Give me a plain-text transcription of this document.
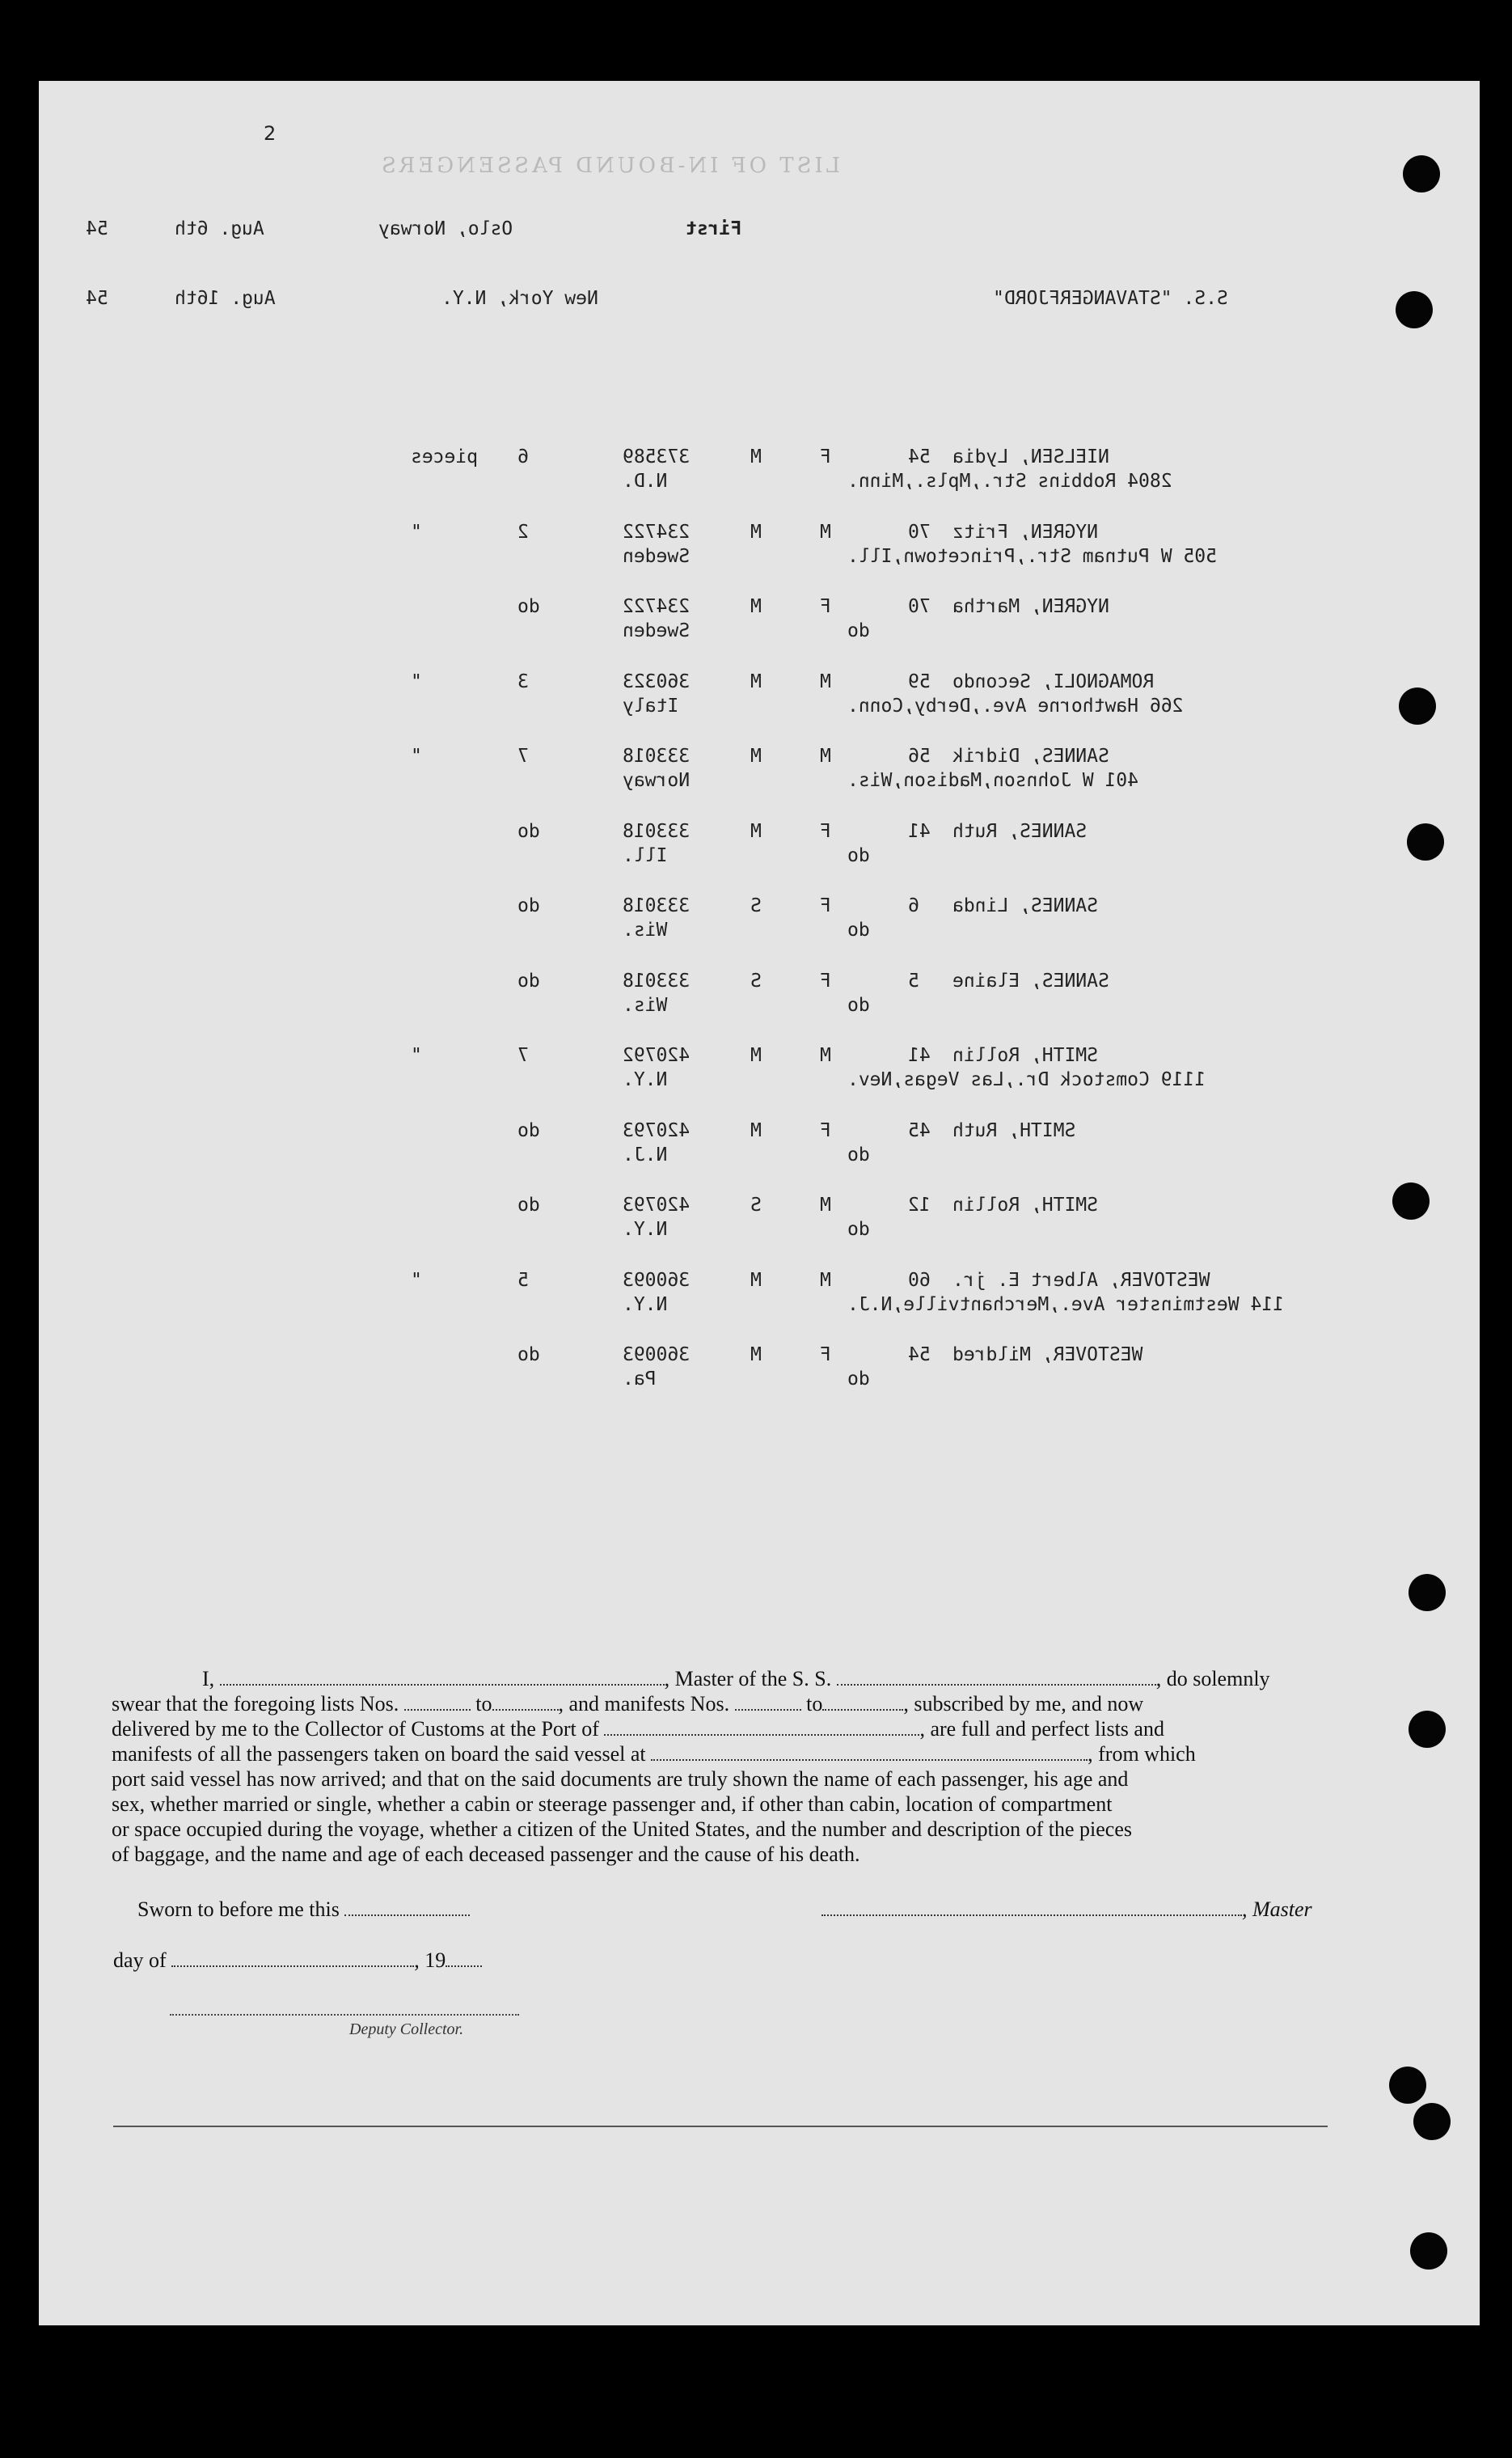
2
LIST OF IN-BOUND PASSENGERS
54	Aug. 6th	Oslo, Norway	First
54	Aug. 16th	New York, N.Y.	S.S. "STAVANGERFJORD"
pieces 6	373589	M	F	54 NIELSEN, Lydia
N.D.	2804 Robbins Str.,Mpls.,Minn.
"	2	234722	M	M	70 NYGREN, Fritz
Sweden	505 W Putnam Str.,Princetown,Ill.
do	234722	M	F	70 NYGREN, Martha
Sweden	do
"	3	360323	M	M	59 ROMAGNOLI, Secondo
Italy	266 Hawthorne Ave.,Derby,Conn.
"	7	333018	M	M	56 SANNES, Didrik
Norway	401 W Johnson,Madison,Wis.
do	333018	M	F	41 SANNES, Ruth
Ill.	do
do	333018	S	F	6 SANNES, Linda
Wis.	do
do	333018	S	F	5 SANNES, Elaine
Wis.	do
"	7	420792	M	M	41 SMITH, Rollin
N.Y.	1119 Comstock Dr.,Las Vegas,Nev.
do	420793	M	F	45 SMITH, Ruth
N.J.	do
do	420793	S	M	12 SMITH, Rollin
N.Y.	do
"	5	360093	M	M	60 WESTOVER, Albert E. jr.
N.Y.	114 Westminster Ave.,Merchantville,N.J.
do	360093	M	F	54 WESTOVER, Mildred
Pa.	do
I,	, Master of the S. S.	, do solemnly
swear that the foregoing lists Nos.	to	, and manifests Nos.	to	, subscribed by me, and now
delivered by me to the Collector of Customs at the Port of	, are full and perfect lists and
manifests of all the passengers taken on board the said vessel at	, from which
port said vessel has now arrived; and that on the said documents are truly shown the name of each passenger, his age and
sex, whether married or single, whether a cabin or steerage passenger and, if other than cabin, location of compartment
or space occupied during the voyage, whether a citizen of the United States, and the number and description of the pieces
of baggage, and the name and age of each deceased passenger and the cause of his death.
Sworn to before me this	, Master
day of	, 19
Deputy Collector.
